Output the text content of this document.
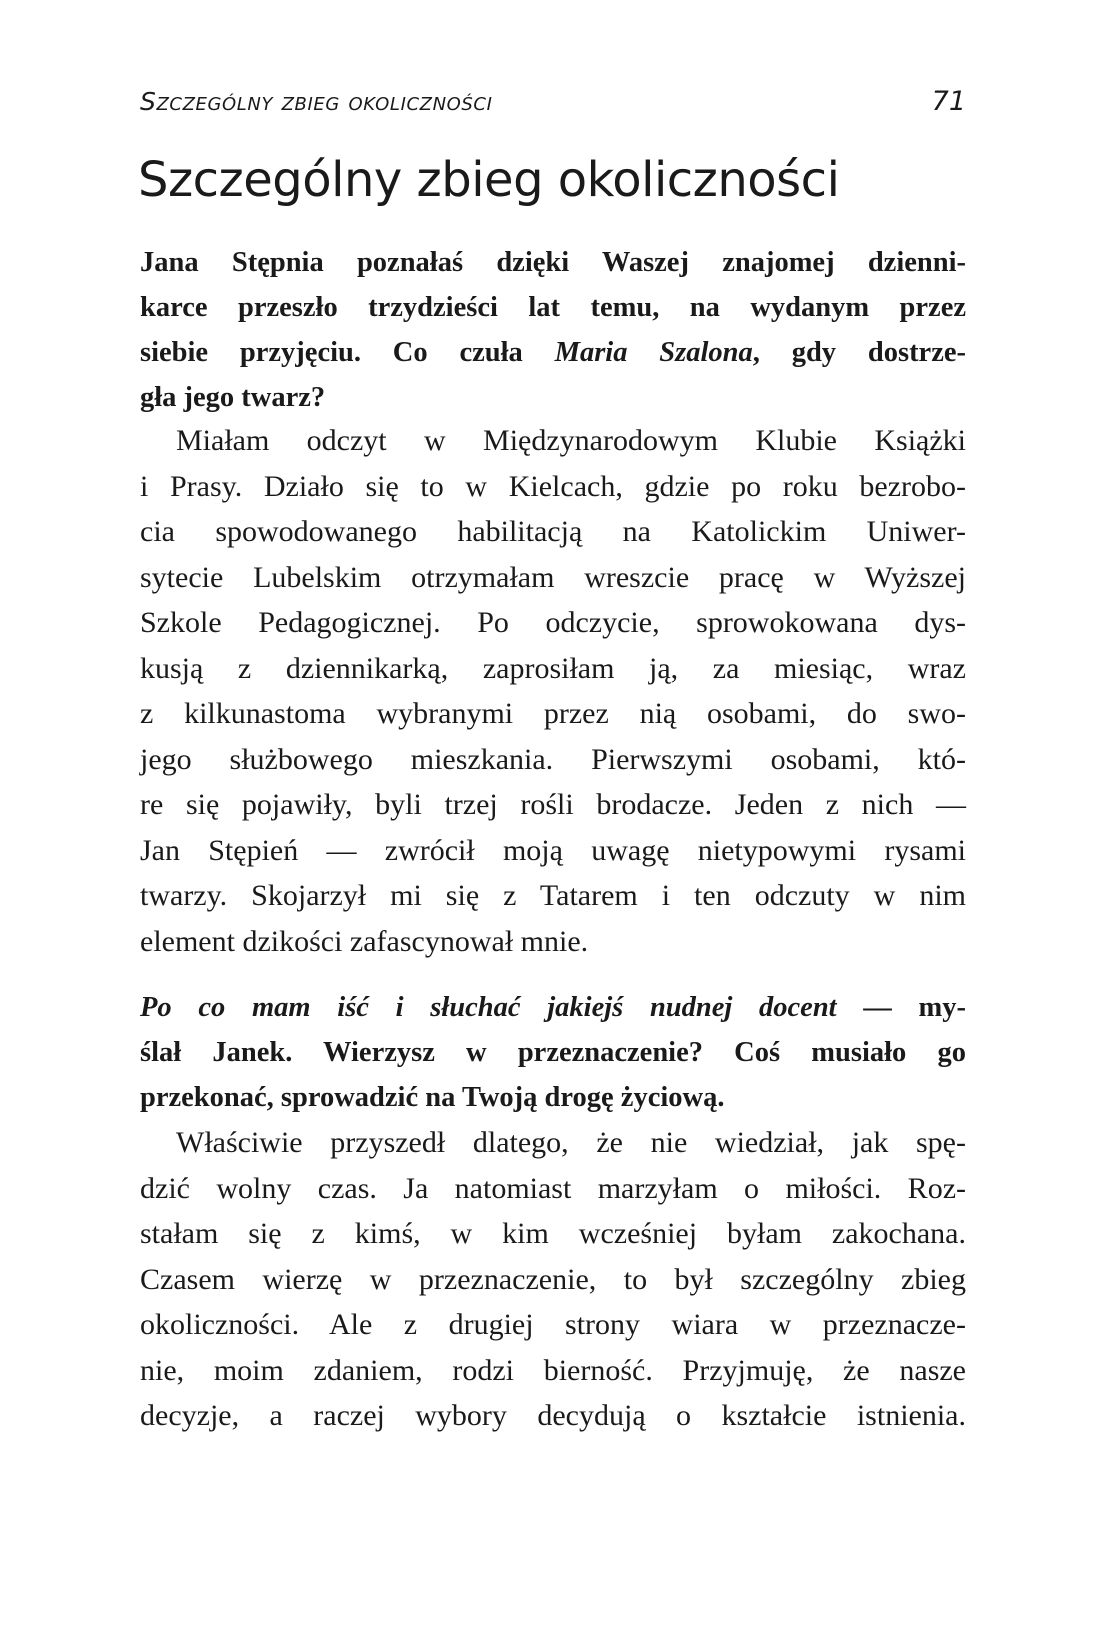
Szczególny zbieg okoliczności	71
Szczególny zbieg okoliczności
Jana Stępnia poznałaś dzięki Waszej znajomej dzienni-
karce przeszło trzydzieści lat temu, na wydanym przez
siebie przyjęciu. Co czuła Maria Szalona, gdy dostrze-
gła jego twarz?
Miałam odczyt w Międzynarodowym Klubie Książki
i Prasy. Działo się to w Kielcach, gdzie po roku bezrobo-
cia spowodowanego habilitacją na Katolickim Uniwer-
sytecie Lubelskim otrzymałam wreszcie pracę w Wyższej
Szkole Pedagogicznej. Po odczycie, sprowokowana dys-
kusją z dziennikarką, zaprosiłam ją, za miesiąc, wraz
z kilkunastoma wybranymi przez nią osobami, do swo-
jego służbowego mieszkania. Pierwszymi osobami, któ-
re się pojawiły, byli trzej rośli brodacze. Jeden z nich —
Jan Stępień — zwrócił moją uwagę nietypowymi rysami
twarzy. Skojarzył mi się z Tatarem i ten odczuty w nim
element dzikości zafascynował mnie.
Po co mam iść i słuchać jakiejś nudnej docent — my-
ślał Janek. Wierzysz w przeznaczenie? Coś musiało go
przekonać, sprowadzić na Twoją drogę życiową.
Właściwie przyszedł dlatego, że nie wiedział, jak spę-
dzić wolny czas. Ja natomiast marzyłam o miłości. Roz-
stałam się z kimś, w kim wcześniej byłam zakochana.
Czasem wierzę w przeznaczenie, to był szczególny zbieg
okoliczności. Ale z drugiej strony wiara w przeznacze-
nie, moim zdaniem, rodzi bierność. Przyjmuję, że nasze
decyzje, a raczej wybory decydują o kształcie istnienia.
